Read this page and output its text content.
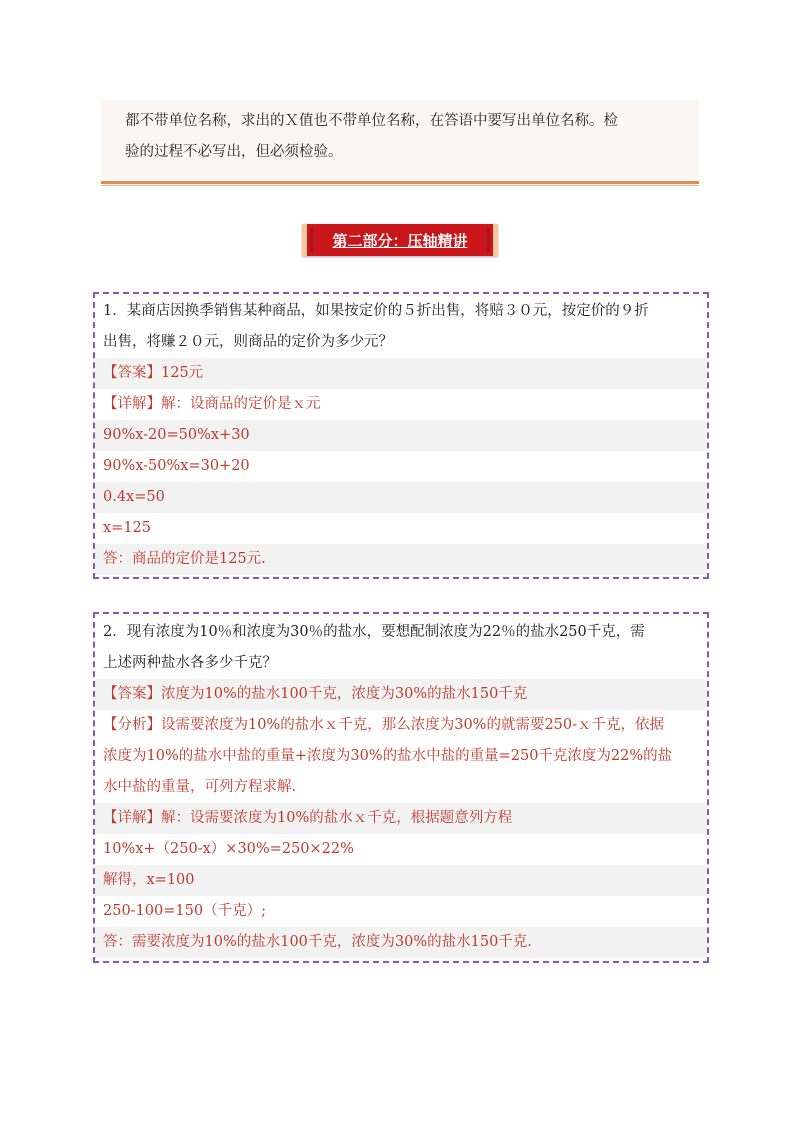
都不带单位名称，求出的Ｘ值也不带单位名称，在答语中要写出单位名称。检
验的过程不必写出，但必须检验。
第二部分：压轴精讲
1．某商店因换季销售某种商品，如果按定价的５折出售，将赔３０元，按定价的９折
出售，将赚２０元，则商品的定价为多少元？
【答案】125元
【详解】解：设商品的定价是ｘ元
90%x-20=50%x+30
90%x-50%x=30+20
0.4x=50
x=125
答：商品的定价是125元.
2．现有浓度为10％和浓度为30％的盐水，要想配制浓度为22％的盐水250千克，需
上述两种盐水各多少千克？
【答案】浓度为10%的盐水100千克，浓度为30%的盐水150千克
【分析】设需要浓度为10%的盐水ｘ千克，那么浓度为30%的就需要250-ｘ千克，依据
浓度为10%的盐水中盐的重量+浓度为30%的盐水中盐的重量=250千克浓度为22%的盐
水中盐的重量，可列方程求解.
【详解】解：设需要浓度为10%的盐水ｘ千克，根据题意列方程
10%x+（250-x）×30%=250×22%
解得，x=100
250-100=150（千克）;
答：需要浓度为10%的盐水100千克，浓度为30%的盐水150千克.
